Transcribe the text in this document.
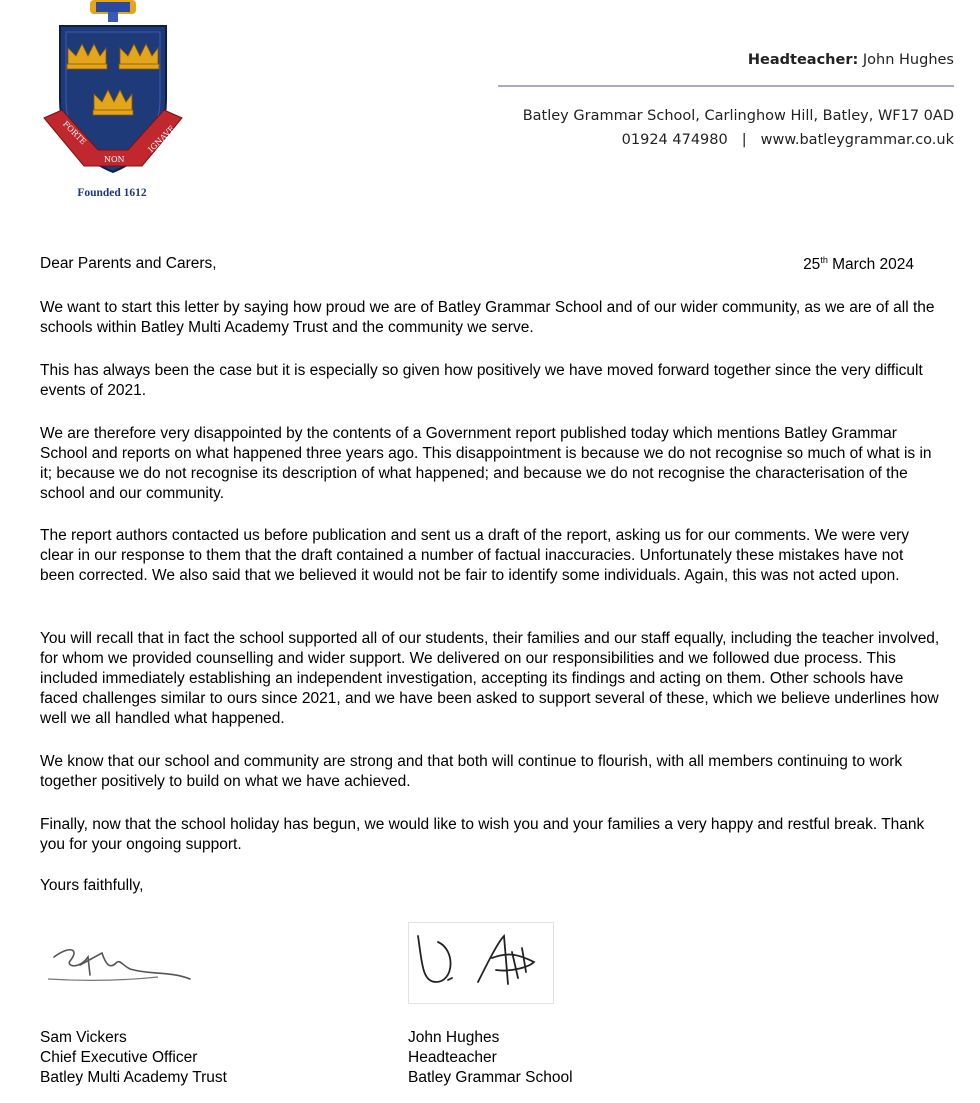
FORTE
NON
IGNAVE
Founded 1612
Headteacher: John Hughes
Batley Grammar School, Carlinghow Hill, Batley, WF17 0AD
01924 474980 | www.batleygrammar.co.uk
Dear Parents and Carers,	25th March 2024

We want to start this letter by saying how proud we are of Batley Grammar School and of our wider community, as we are of all the schools within Batley Multi Academy Trust and the community we serve.

This has always been the case but it is especially so given how positively we have moved forward together since the very difficult events of 2021.

We are therefore very disappointed by the contents of a Government report published today which mentions Batley Grammar School and reports on what happened three years ago. This disappointment is because we do not recognise so much of what is in it; because we do not recognise its description of what happened; and because we do not recognise the characterisation of the school and our community.

The report authors contacted us before publication and sent us a draft of the report, asking us for our comments. We were very clear in our response to them that the draft contained a number of factual inaccuracies. Unfortunately these mistakes have not been corrected. We also said that we believed it would not be fair to identify some individuals. Again, this was not acted upon.

You will recall that in fact the school supported all of our students, their families and our staff equally, including the teacher involved, for whom we provided counselling and wider support. We delivered on our responsibilities and we followed due process. This included immediately establishing an independent investigation, accepting its findings and acting on them. Other schools have faced challenges similar to ours since 2021, and we have been asked to support several of these, which we believe underlines how well we all handled what happened.

We know that our school and community are strong and that both will continue to flourish, with all members continuing to work together positively to build on what we have achieved.

Finally, now that the school holiday has begun, we would like to wish you and your families a very happy and restful break. Thank you for your ongoing support.

Yours faithfully,
Sam Vickers
Chief Executive Officer
Batley Multi Academy Trust
John Hughes
Headteacher
Batley Grammar School
